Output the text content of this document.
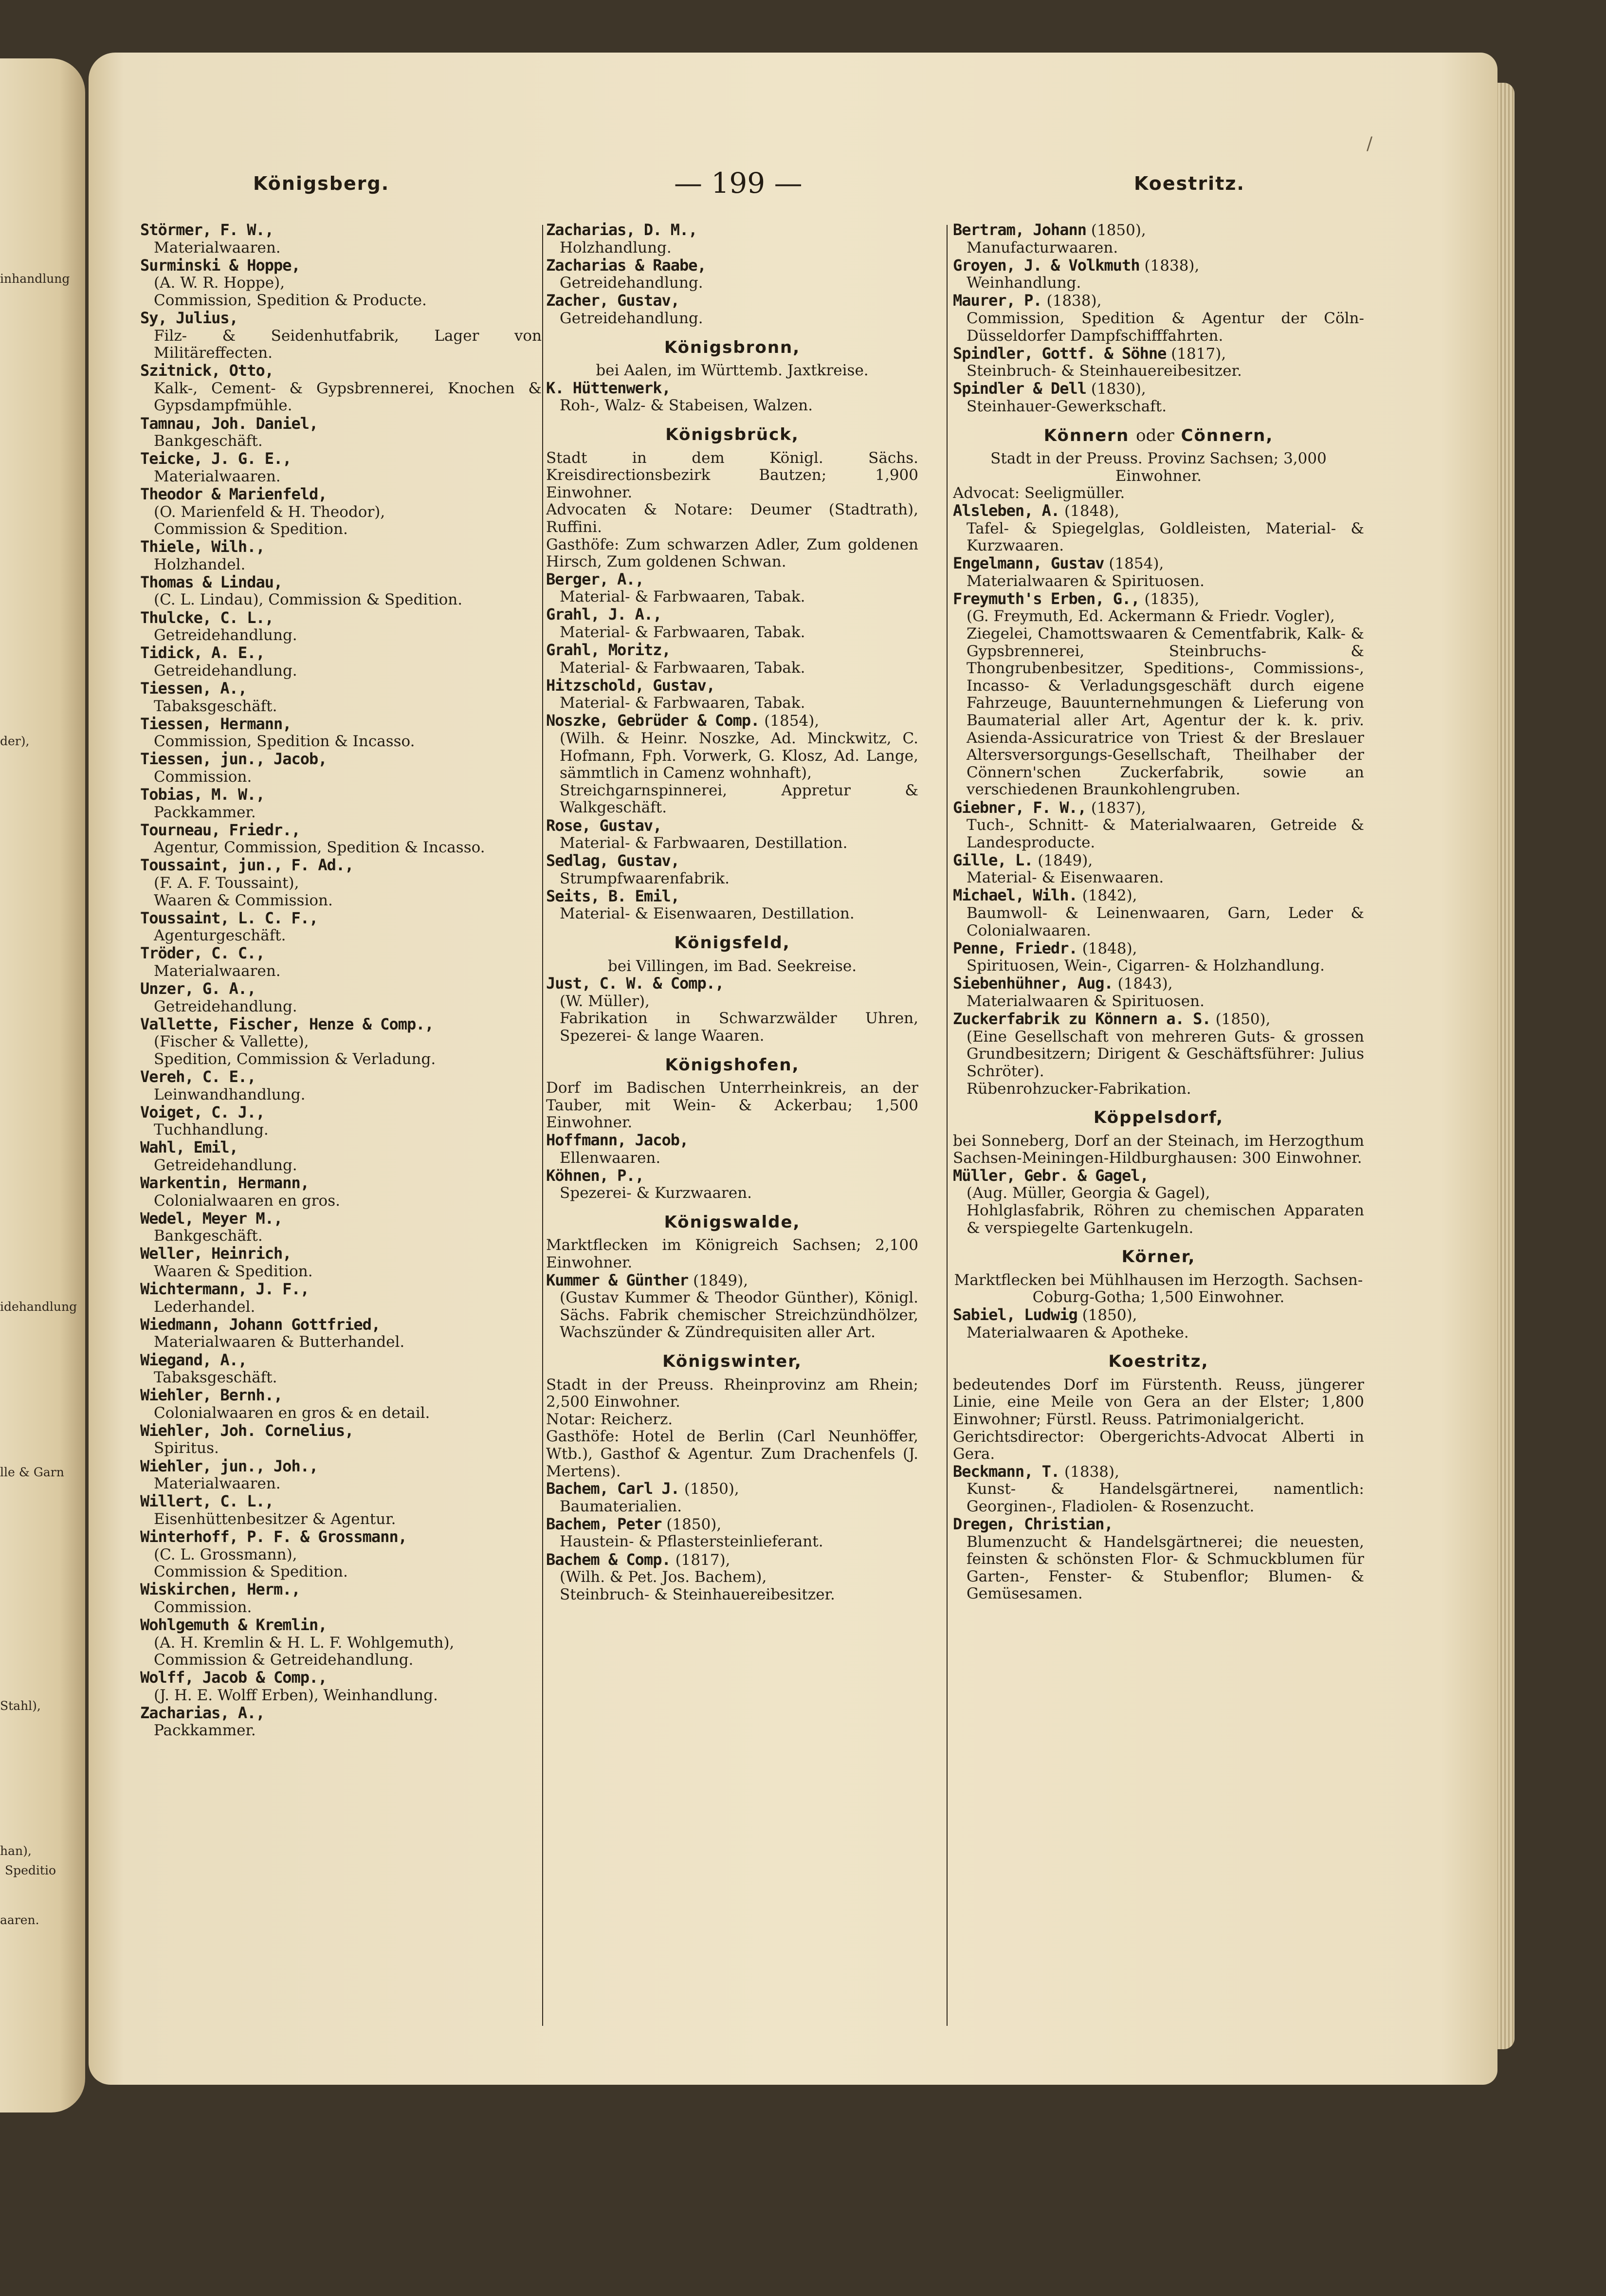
inhandlung
der),
idehandlung
lle & Garn
Stahl),
han),
Speditio
aaren.
Königsberg.	— 199 —	Koestritz.
/
Störmer, F. W.,
Materialwaaren.
Surminski & Hoppe,
(A. W. R. Hoppe),
Commission, Spedition & Producte.
Sy, Julius,
Filz- & Seidenhutfabrik, Lager von Militäreffecten.
Szitnick, Otto,
Kalk-, Cement- & Gypsbrennerei, Knochen & Gypsdampfmühle.
Tamnau, Joh. Daniel,
Bankgeschäft.
Teicke, J. G. E.,
Materialwaaren.
Theodor & Marienfeld,
(O. Marienfeld & H. Theodor),
Commission & Spedition.
Thiele, Wilh.,
Holzhandel.
Thomas & Lindau,
(C. L. Lindau), Commission & Spedition.
Thulcke, C. L.,
Getreidehandlung.
Tidick, A. E.,
Getreidehandlung.
Tiessen, A.,
Tabaksgeschäft.
Tiessen, Hermann,
Commission, Spedition & Incasso.
Tiessen, jun., Jacob,
Commission.
Tobias, M. W.,
Packkammer.
Tourneau, Friedr.,
Agentur, Commission, Spedition & Incasso.
Toussaint, jun., F. Ad.,
(F. A. F. Toussaint),
Waaren & Commission.
Toussaint, L. C. F.,
Agenturgeschäft.
Tröder, C. C.,
Materialwaaren.
Unzer, G. A.,
Getreidehandlung.
Vallette, Fischer, Henze & Comp.,
(Fischer & Vallette),
Spedition, Commission & Verladung.
Vereh, C. E.,
Leinwandhandlung.
Voiget, C. J.,
Tuchhandlung.
Wahl, Emil,
Getreidehandlung.
Warkentin, Hermann,
Colonialwaaren en gros.
Wedel, Meyer M.,
Bankgeschäft.
Weller, Heinrich,
Waaren & Spedition.
Wichtermann, J. F.,
Lederhandel.
Wiedmann, Johann Gottfried,
Materialwaaren & Butterhandel.
Wiegand, A.,
Tabaksgeschäft.
Wiehler, Bernh.,
Colonialwaaren en gros & en detail.
Wiehler, Joh. Cornelius,
Spiritus.
Wiehler, jun., Joh.,
Materialwaaren.
Willert, C. L.,
Eisenhüttenbesitzer & Agentur.
Winterhoff, P. F. & Grossmann,
(C. L. Grossmann),
Commission & Spedition.
Wiskirchen, Herm.,
Commission.
Wohlgemuth & Kremlin,
(A. H. Kremlin & H. L. F. Wohlgemuth),
Commission & Getreidehandlung.
Wolff, Jacob & Comp.,
(J. H. E. Wolff Erben), Weinhandlung.
Zacharias, A.,
Packkammer.
Zacharias, D. M.,
Holzhandlung.
Zacharias & Raabe,
Getreidehandlung.
Zacher, Gustav,
Getreidehandlung.
Königsbronn,
bei Aalen, im Württemb. Jaxtkreise.
K. Hüttenwerk,
Roh-, Walz- & Stabeisen, Walzen.
Königsbrück,
Stadt in dem Königl. Sächs. Kreisdirectionsbezirk Bautzen; 1,900 Einwohner.
Advocaten & Notare: Deumer (Stadtrath), Ruffini.
Gasthöfe: Zum schwarzen Adler, Zum goldenen Hirsch, Zum goldenen Schwan.
Berger, A.,
Material- & Farbwaaren, Tabak.
Grahl, J. A.,
Material- & Farbwaaren, Tabak.
Grahl, Moritz,
Material- & Farbwaaren, Tabak.
Hitzschold, Gustav,
Material- & Farbwaaren, Tabak.
Noszke, Gebrüder & Comp. (1854),
(Wilh. & Heinr. Noszke, Ad. Minckwitz, C. Hofmann, Fph. Vorwerk, G. Klosz, Ad. Lange, sämmtlich in Camenz wohnhaft),
Streichgarnspinnerei, Appretur & Walkgeschäft.
Rose, Gustav,
Material- & Farbwaaren, Destillation.
Sedlag, Gustav,
Strumpfwaarenfabrik.
Seits, B. Emil,
Material- & Eisenwaaren, Destillation.
Königsfeld,
bei Villingen, im Bad. Seekreise.
Just, C. W. & Comp.,
(W. Müller),
Fabrikation in Schwarzwälder Uhren, Spezerei- & lange Waaren.
Königshofen,
Dorf im Badischen Unterrheinkreis, an der Tauber, mit Wein- & Ackerbau; 1,500 Einwohner.
Hoffmann, Jacob,
Ellenwaaren.
Köhnen, P.,
Spezerei- & Kurzwaaren.
Königswalde,
Marktflecken im Königreich Sachsen; 2,100 Einwohner.
Kummer & Günther (1849),
(Gustav Kummer & Theodor Günther), Königl. Sächs. Fabrik chemischer Streichzündhölzer, Wachszünder & Zündrequisiten aller Art.
Königswinter,
Stadt in der Preuss. Rheinprovinz am Rhein; 2,500 Einwohner.
Notar: Reicherz.
Gasthöfe: Hotel de Berlin (Carl Neunhöffer, Wtb.), Gasthof & Agentur. Zum Drachenfels (J. Mertens).
Bachem, Carl J. (1850),
Baumaterialien.
Bachem, Peter (1850),
Haustein- & Pflastersteinlieferant.
Bachem & Comp. (1817),
(Wilh. & Pet. Jos. Bachem),
Steinbruch- & Steinhauereibesitzer.
Bertram, Johann (1850),
Manufacturwaaren.
Groyen, J. & Volkmuth (1838),
Weinhandlung.
Maurer, P. (1838),
Commission, Spedition & Agentur der Cöln-Düsseldorfer Dampfschifffahrten.
Spindler, Gottf. & Söhne (1817),
Steinbruch- & Steinhauereibesitzer.
Spindler & Dell (1830),
Steinhauer-Gewerkschaft.
Könnern oder Cönnern,
Stadt in der Preuss. Provinz Sachsen; 3,000 Einwohner.
Advocat: Seeligmüller.
Alsleben, A. (1848),
Tafel- & Spiegelglas, Goldleisten, Material- & Kurzwaaren.
Engelmann, Gustav (1854),
Materialwaaren & Spirituosen.
Freymuth's Erben, G., (1835),
(G. Freymuth, Ed. Ackermann & Friedr. Vogler),
Ziegelei, Chamottswaaren & Cementfabrik, Kalk- & Gypsbrennerei, Steinbruchs- & Thongrubenbesitzer, Speditions-, Commissions-, Incasso- & Verladungsgeschäft durch eigene Fahrzeuge, Bauunternehmungen & Lieferung von Baumaterial aller Art, Agentur der k. k. priv. Asienda-Assicuratrice von Triest & der Breslauer Altersversorgungs-Gesellschaft, Theilhaber der Cönnern'schen Zuckerfabrik, sowie an verschiedenen Braunkohlengruben.
Giebner, F. W., (1837),
Tuch-, Schnitt- & Materialwaaren, Getreide & Landesproducte.
Gille, L. (1849),
Material- & Eisenwaaren.
Michael, Wilh. (1842),
Baumwoll- & Leinenwaaren, Garn, Leder & Colonialwaaren.
Penne, Friedr. (1848),
Spirituosen, Wein-, Cigarren- & Holzhandlung.
Siebenhühner, Aug. (1843),
Materialwaaren & Spirituosen.
Zuckerfabrik zu Könnern a. S. (1850),
(Eine Gesellschaft von mehreren Guts- & grossen Grundbesitzern; Dirigent & Geschäftsführer: Julius Schröter).
Rübenrohzucker-Fabrikation.
Köppelsdorf,
bei Sonneberg, Dorf an der Steinach, im Herzogthum Sachsen-Meiningen-Hildburghausen: 300 Einwohner.
Müller, Gebr. & Gagel,
(Aug. Müller, Georgia & Gagel),
Hohlglasfabrik, Röhren zu chemischen Apparaten & verspiegelte Gartenkugeln.
Körner,
Marktflecken bei Mühlhausen im Herzogth. Sachsen-Coburg-Gotha; 1,500 Einwohner.
Sabiel, Ludwig (1850),
Materialwaaren & Apotheke.
Koestritz,
bedeutendes Dorf im Fürstenth. Reuss, jüngerer Linie, eine Meile von Gera an der Elster; 1,800 Einwohner; Fürstl. Reuss. Patrimonialgericht.
Gerichtsdirector: Obergerichts-Advocat Alberti in Gera.
Beckmann, T. (1838),
Kunst- & Handelsgärtnerei, namentlich: Georginen-, Fladiolen- & Rosenzucht.
Dregen, Christian,
Blumenzucht & Handelsgärtnerei; die neuesten, feinsten & schönsten Flor- & Schmuckblumen für Garten-, Fenster- & Stubenflor; Blumen- & Gemüsesamen.
